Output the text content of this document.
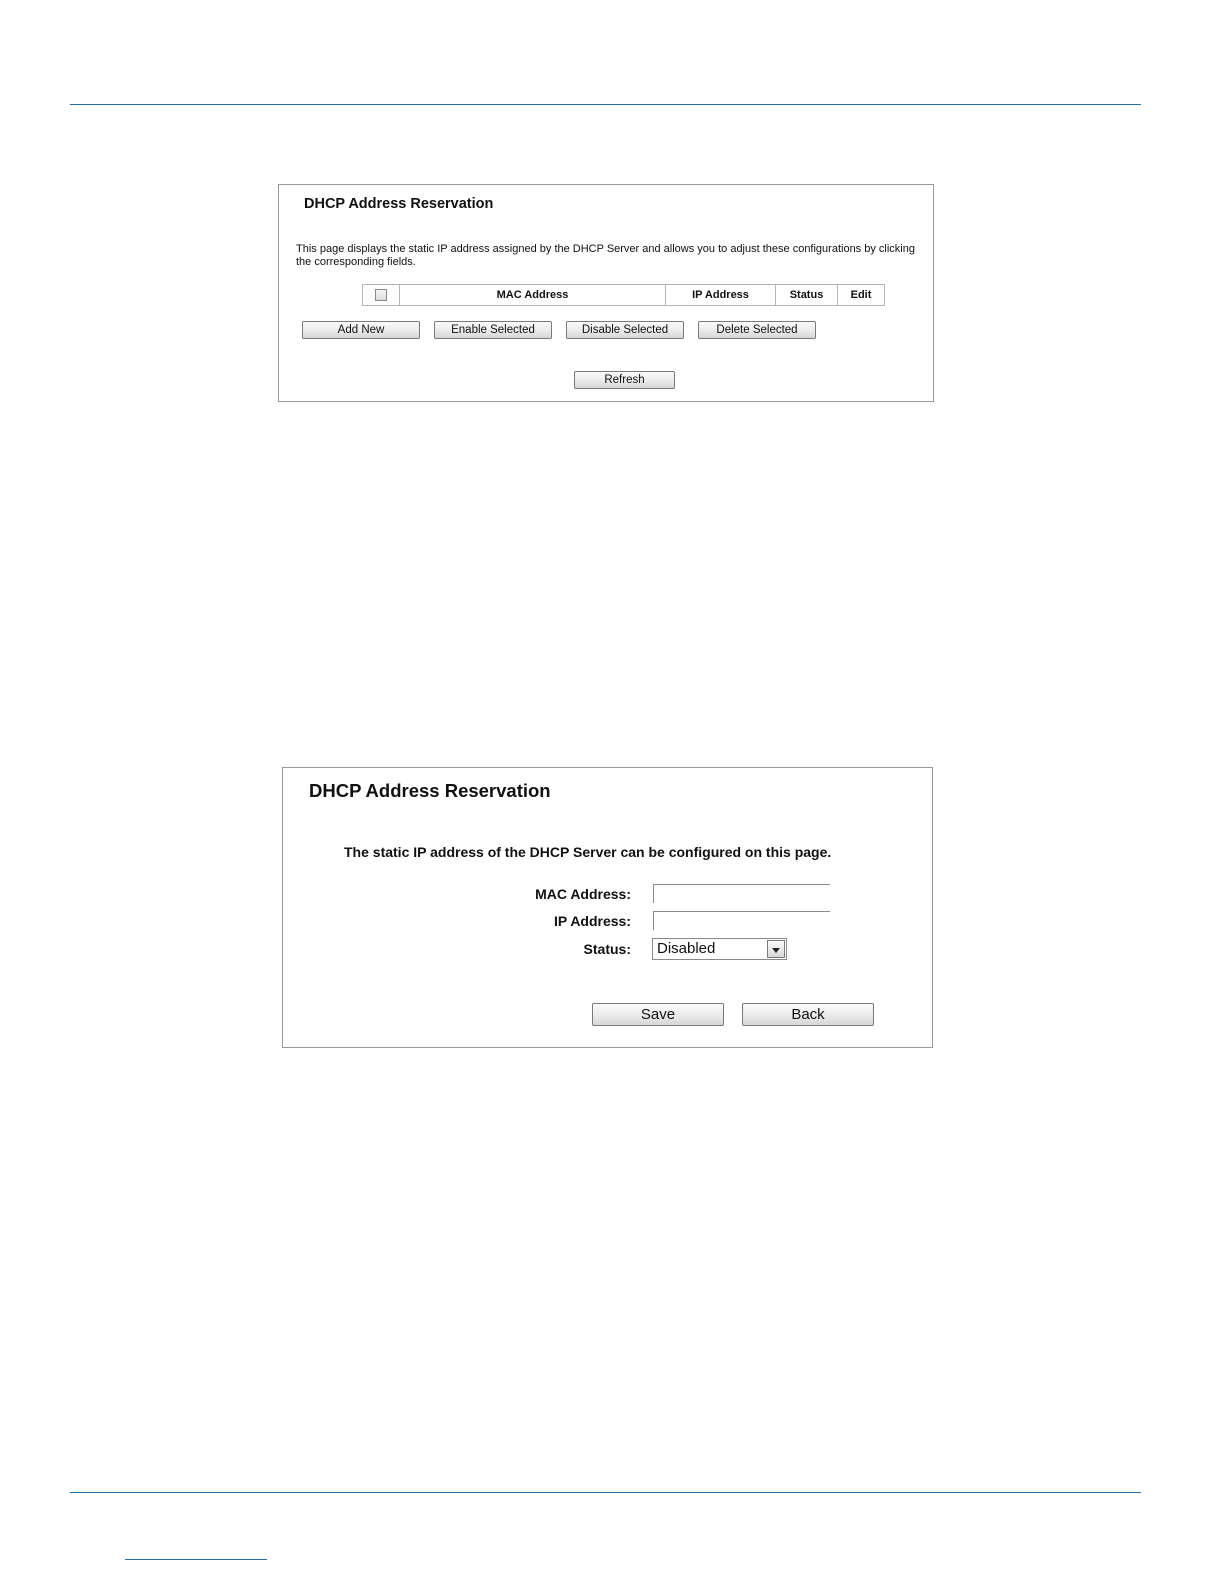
DHCP Address Reservation
This page displays the static IP address assigned by the DHCP Server and allows you to adjust these configurations by clicking the corresponding fields.
	MAC Address	IP Address	Status	Edit
Add New	Enable Selected	Disable Selected	Delete Selected
Refresh
DHCP Address Reservation
The static IP address of the DHCP Server can be configured on this page.
MAC Address:
IP Address:
Status:	Disabled
Save	Back
